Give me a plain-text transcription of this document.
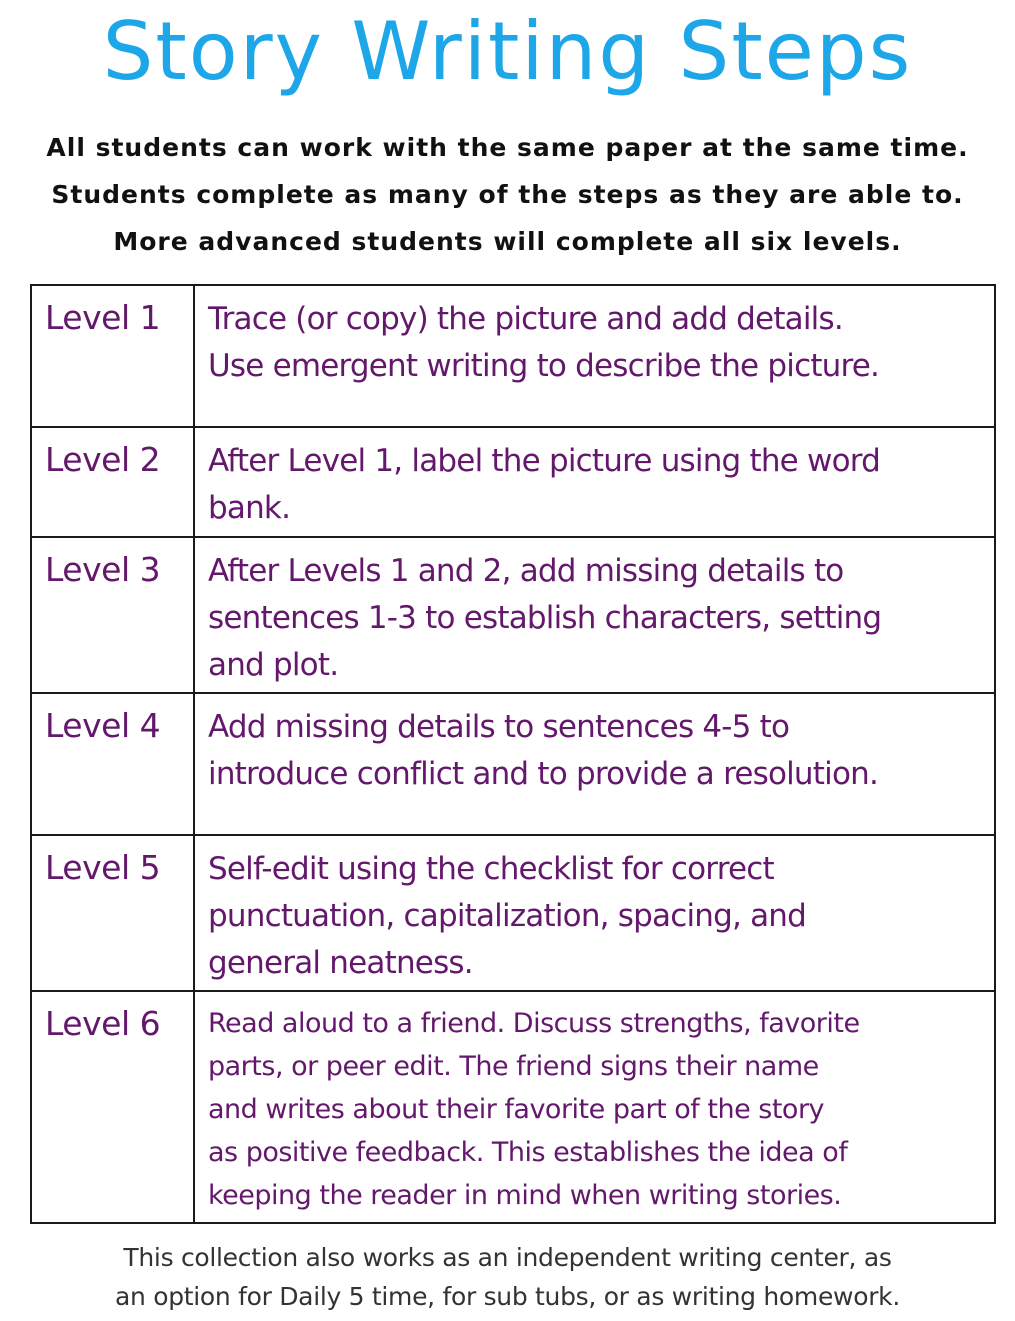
Story Writing Steps
All students can work with the same paper at the same time.
Students complete as many of the steps as they are able to.
More advanced students will complete all six levels.
Level 1	Trace (or copy) the picture and add details.
Use emergent writing to describe the picture.

Level 2	After Level 1, label the picture using the word
bank.

Level 3	After Levels 1 and 2, add missing details to
sentences 1-3 to establish characters, setting
and plot.

Level 4	Add missing details to sentences 4-5 to
introduce conflict and to provide a resolution.

Level 5	Self-edit using the checklist for correct
punctuation, capitalization, spacing, and
general neatness.

Level 6	Read aloud to a friend. Discuss strengths, favorite
parts, or peer edit. The friend signs their name
and writes about their favorite part of the story
as positive feedback. This establishes the idea of
keeping the reader in mind when writing stories.
This collection also works as an independent writing center, as
an option for Daily 5 time, for sub tubs, or as writing homework.
